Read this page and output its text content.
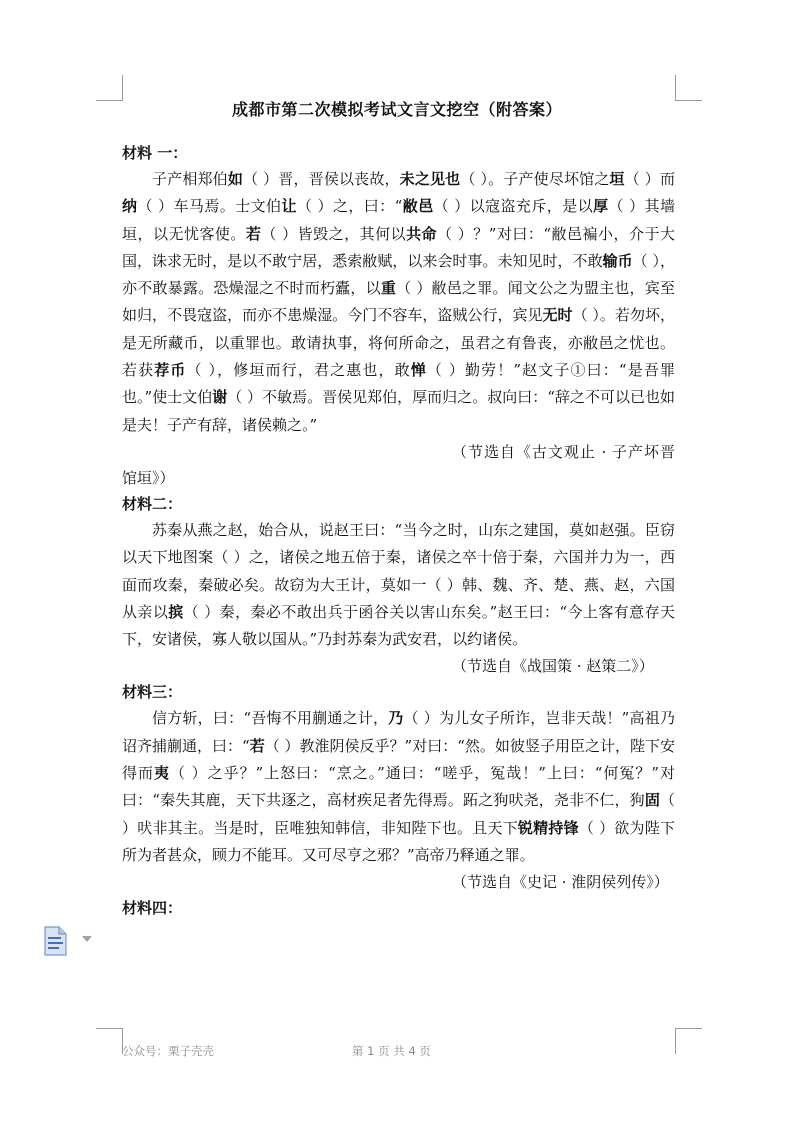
成都市第二次模拟考试文言文挖空（附答案）

材料 一：

子产相郑伯如（ ）晋，晋侯以丧故，未之见也（ ）。子产使尽坏馆之垣（ ）而纳（ ）车马焉。士文伯让（ ）之，曰：“敝邑（ ）以寇盗充斥，是以厚（ ）其墙垣，以无忧客使。若（ ）皆毁之，其何以共命（ ）？”对曰：“敝邑褊小，介于大国，诛求无时，是以不敢宁居，悉索敝赋，以来会时事。未知见时，不敢输币（ ），亦不敢暴露。恐燥湿之不时而朽蠹，以重（ ）敝邑之罪。闻文公之为盟主也，宾至如归，不畏寇盗，而亦不患燥湿。今门不容车，盗贼公行，宾见无时（ ）。若勿坏，是无所藏币，以重罪也。敢请执事，将何所命之，虽君之有鲁丧，亦敝邑之忧也。若获荐币（ ），修垣而行，君之惠也，敢惮（ ）勤劳！”赵文子①曰：“是吾罪也。”使士文伯谢（ ）不敏焉。晋侯见郑伯，厚而归之。叔向曰：“辞之不可以已也如是夫！子产有辞，诸侯赖之。”

（节选自《古文观止 · 子产坏晋馆垣》）

材料二：

苏秦从燕之赵，始合从，说赵王曰：“当今之时，山东之建国，莫如赵强。臣窃以天下地图案（ ）之，诸侯之地五倍于秦，诸侯之卒十倍于秦，六国并力为一，西面而攻秦，秦破必矣。故窃为大王计，莫如一（ ）韩、魏、齐、楚、燕、赵，六国从亲以摈（ ）秦，秦必不敢出兵于函谷关以害山东矣。”赵王曰：“今上客有意存天下，安诸侯，寡人敬以国从。”乃封苏秦为武安君，以约诸侯。

（节选自《战国策 · 赵策二》）

材料三：

信方斩，曰：“吾悔不用蒯通之计，乃（ ）为儿女子所诈，岂非天哉！”高祖乃诏齐捕蒯通，曰：“若（ ）教淮阴侯反乎？”对曰：“然。如彼竖子用臣之计，陛下安得而夷（ ）之乎？”上怒曰：“烹之。”通曰：“嗟乎，冤哉！”上曰：“何冤？”对曰：“秦失其鹿，天下共逐之，高材疾足者先得焉。跖之狗吠尧，尧非不仁，狗固（ ）吠非其主。当是时，臣唯独知韩信，非知陛下也。且天下锐精持锋（ ）欲为陛下所为者甚众，顾力不能耳。又可尽亨之邪？”高帝乃释通之罪。

（节选自《史记 · 淮阴侯列传》）

材料四：

公众号：栗子壳壳	第 1 页 共 4 页
